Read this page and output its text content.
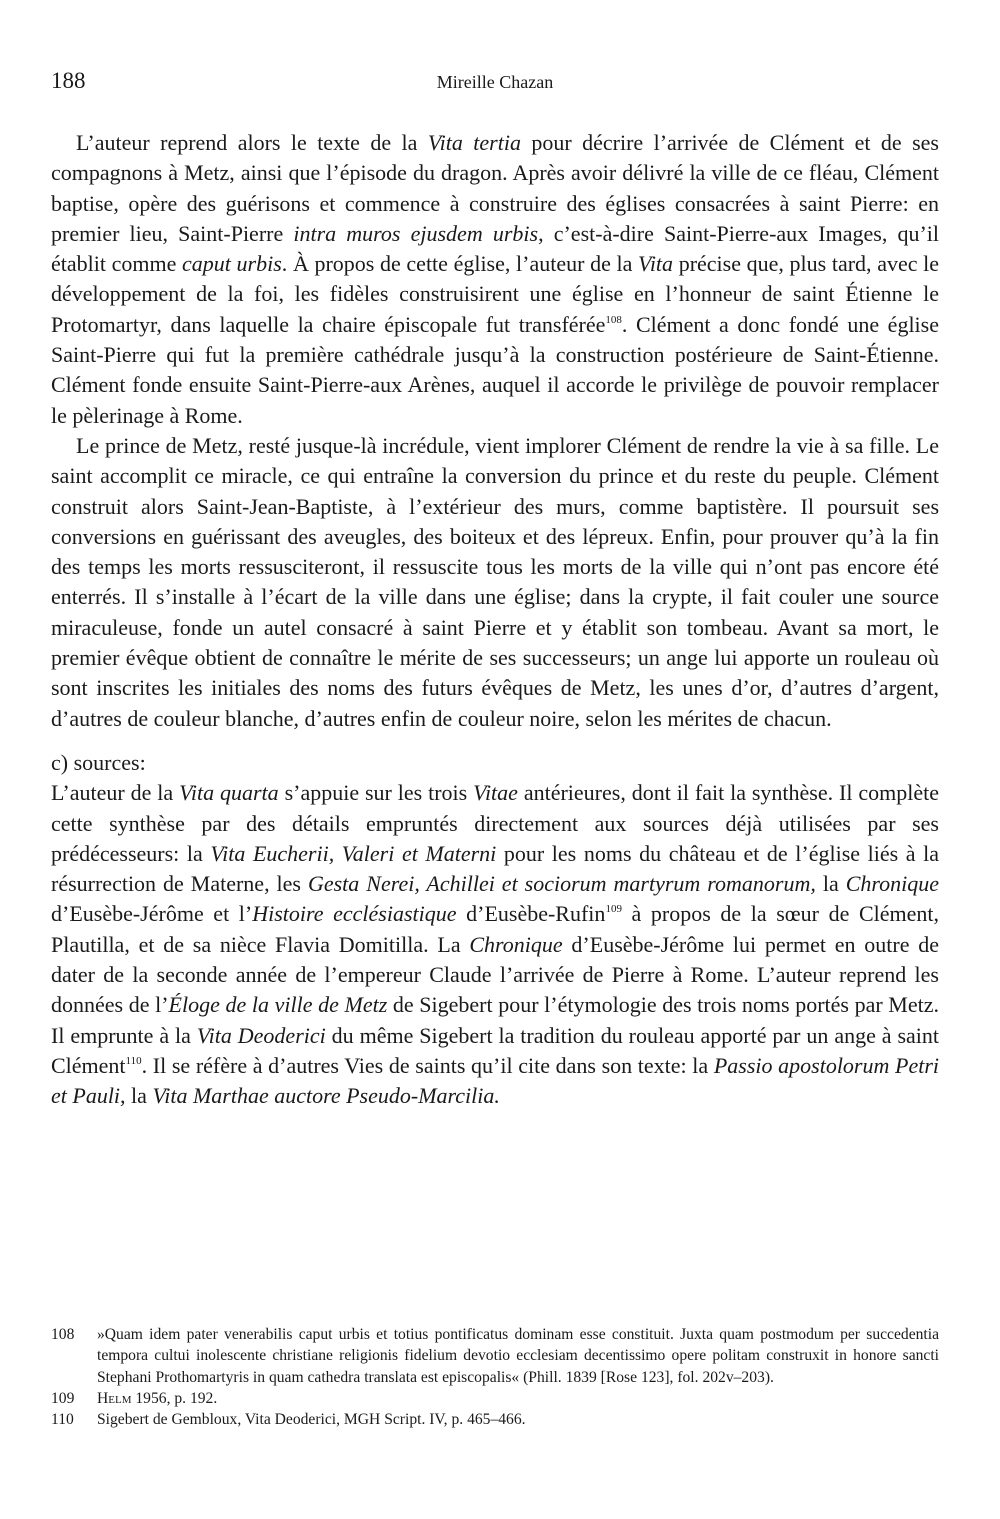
188	Mireille Chazan

L’auteur reprend alors le texte de la Vita tertia pour décrire l’arrivée de Clément et de ses compagnons à Metz, ainsi que l’épisode du dragon. Après avoir délivré la ville de ce fléau, Clément baptise, opère des guérisons et commence à construire des églises consacrées à saint Pierre: en premier lieu, Saint-Pierre intra muros ejusdem urbis, c’est-à-dire Saint-Pierre-aux Images, qu’il établit comme caput urbis. À propos de cette église, l’auteur de la Vita précise que, plus tard, avec le développement de la foi, les fidèles construisirent une église en l’honneur de saint Étienne le Protomartyr, dans laquelle la chaire épiscopale fut transférée$^{108}$. Clément a donc fondé une église Saint-Pierre qui fut la première cathédrale jusqu’à la construction postérieure de Saint-Étienne. Clément fonde ensuite Saint-Pierre-aux Arènes, auquel il accorde le privilège de pouvoir remplacer le pèlerinage à Rome.

Le prince de Metz, resté jusque-là incrédule, vient implorer Clément de rendre la vie à sa fille. Le saint accomplit ce miracle, ce qui entraîne la conversion du prince et du reste du peuple. Clément construit alors Saint-Jean-Baptiste, à l’extérieur des murs, comme baptistère. Il poursuit ses conversions en guérissant des aveugles, des boiteux et des lépreux. Enfin, pour prouver qu’à la fin des temps les morts ressusciteront, il ressuscite tous les morts de la ville qui n’ont pas encore été enterrés. Il s’installe à l’écart de la ville dans une église; dans la crypte, il fait couler une source miraculeuse, fonde un autel consacré à saint Pierre et y établit son tombeau. Avant sa mort, le premier évêque obtient de connaître le mérite de ses successeurs; un ange lui apporte un rouleau où sont inscrites les initiales des noms des futurs évêques de Metz, les unes d’or, d’autres d’argent, d’autres de couleur blanche, d’autres enfin de couleur noire, selon les mérites de chacun.

c) sources:

L’auteur de la Vita quarta s’appuie sur les trois Vitae antérieures, dont il fait la synthèse. Il complète cette synthèse par des détails empruntés directement aux sources déjà utilisées par ses prédécesseurs: la Vita Eucherii, Valeri et Materni pour les noms du château et de l’église liés à la résurrection de Materne, les Gesta Nerei, Achillei et sociorum martyrum romanorum, la Chronique d’Eusèbe-Jérôme et l’Histoire ecclésiastique d’Eusèbe-Rufin$^{109}$ à propos de la sœur de Clément, Plautilla, et de sa nièce Flavia Domitilla. La Chronique d’Eusèbe-Jérôme lui permet en outre de dater de la seconde année de l’empereur Claude l’arrivée de Pierre à Rome. L’auteur reprend les données de l’Éloge de la ville de Metz de Sigebert pour l’étymologie des trois noms portés par Metz. Il emprunte à la Vita Deoderici du même Sigebert la tradition du rouleau apporté par un ange à saint Clément$^{110}$. Il se réfère à d’autres Vies de saints qu’il cite dans son texte: la Passio apostolorum Petri et Pauli, la Vita Marthae auctore Pseudo-Marcilia.

108	»Quam idem pater venerabilis caput urbis et totius pontificatus dominam esse constituit. Juxta quam postmodum per succedentia tempora cultui inolescente christiane religionis fidelium devotio ecclesiam decentissimo opere politam construxit in honore sancti Stephani Prothomartyris in quam cathedra translata est episcopalis« (Phill. 1839 [Rose 123], fol. 202v–203).
109	Helm 1956, p. 192.
110	Sigebert de Gembloux, Vita Deoderici, MGH Script. IV, p. 465–466.
